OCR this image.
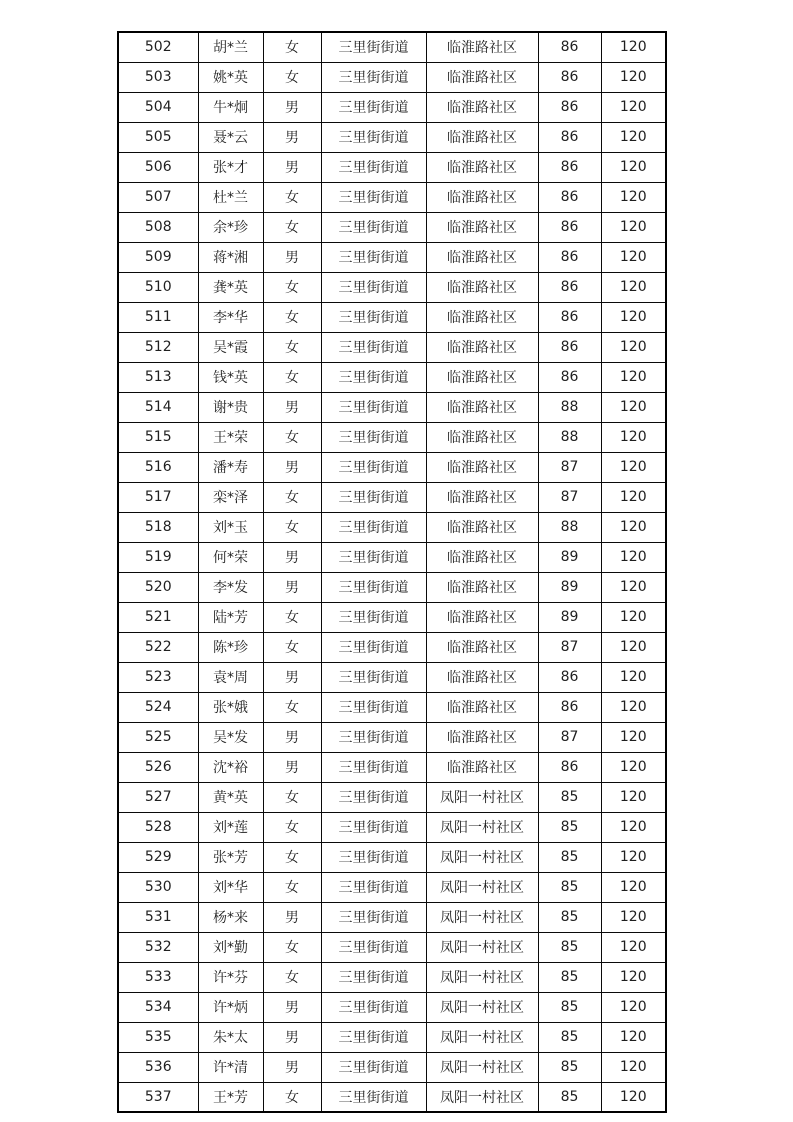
502	胡*兰	女	三里街街道	临淮路社区	86	120
503	姚*英	女	三里街街道	临淮路社区	86	120
504	牛*炯	男	三里街街道	临淮路社区	86	120
505	聂*云	男	三里街街道	临淮路社区	86	120
506	张*才	男	三里街街道	临淮路社区	86	120
507	杜*兰	女	三里街街道	临淮路社区	86	120
508	余*珍	女	三里街街道	临淮路社区	86	120
509	蒋*湘	男	三里街街道	临淮路社区	86	120
510	龚*英	女	三里街街道	临淮路社区	86	120
511	李*华	女	三里街街道	临淮路社区	86	120
512	吴*霞	女	三里街街道	临淮路社区	86	120
513	钱*英	女	三里街街道	临淮路社区	86	120
514	谢*贵	男	三里街街道	临淮路社区	88	120
515	王*荣	女	三里街街道	临淮路社区	88	120
516	潘*寿	男	三里街街道	临淮路社区	87	120
517	栾*泽	女	三里街街道	临淮路社区	87	120
518	刘*玉	女	三里街街道	临淮路社区	88	120
519	何*荣	男	三里街街道	临淮路社区	89	120
520	李*发	男	三里街街道	临淮路社区	89	120
521	陆*芳	女	三里街街道	临淮路社区	89	120
522	陈*珍	女	三里街街道	临淮路社区	87	120
523	袁*周	男	三里街街道	临淮路社区	86	120
524	张*娥	女	三里街街道	临淮路社区	86	120
525	吴*发	男	三里街街道	临淮路社区	87	120
526	沈*裕	男	三里街街道	临淮路社区	86	120
527	黄*英	女	三里街街道	凤阳一村社区	85	120
528	刘*莲	女	三里街街道	凤阳一村社区	85	120
529	张*芳	女	三里街街道	凤阳一村社区	85	120
530	刘*华	女	三里街街道	凤阳一村社区	85	120
531	杨*来	男	三里街街道	凤阳一村社区	85	120
532	刘*勤	女	三里街街道	凤阳一村社区	85	120
533	许*芬	女	三里街街道	凤阳一村社区	85	120
534	许*炳	男	三里街街道	凤阳一村社区	85	120
535	朱*太	男	三里街街道	凤阳一村社区	85	120
536	许*清	男	三里街街道	凤阳一村社区	85	120
537	王*芳	女	三里街街道	凤阳一村社区	85	120
